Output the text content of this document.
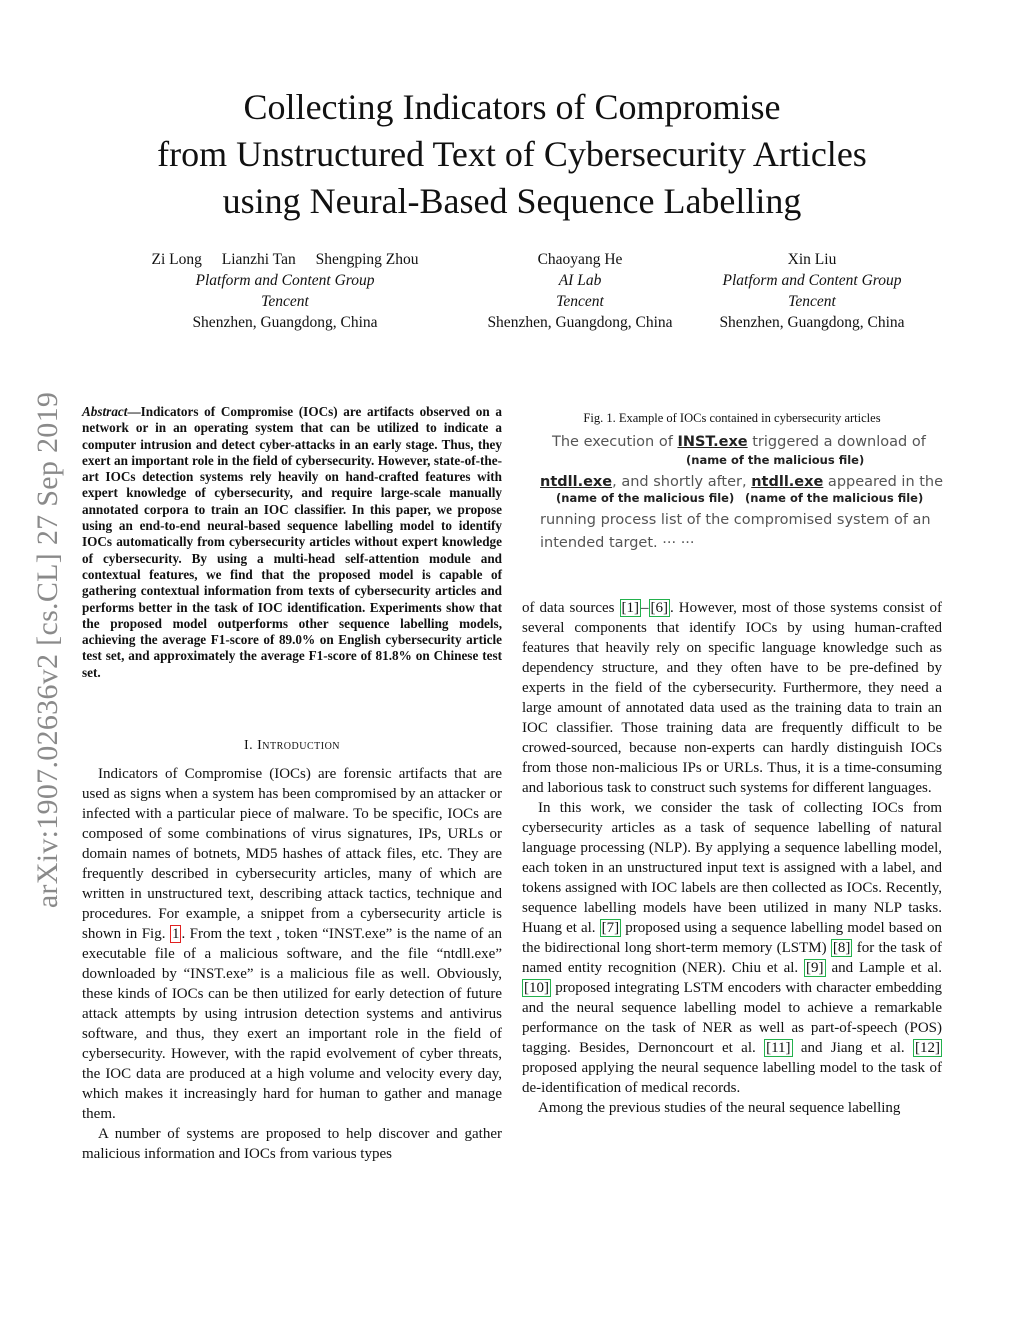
Collecting Indicators of Compromise
from Unstructured Text of Cybersecurity Articles
using Neural-Based Sequence Labelling
Zi Long Lianzhi Tan Shengping Zhou
Platform and Content Group
Tencent
Shenzhen, Guangdong, China
Chaoyang He
AI Lab
Tencent
Shenzhen, Guangdong, China
Xin Liu
Platform and Content Group
Tencent
Shenzhen, Guangdong, China
arXiv:1907.02636v2 [cs.CL] 27 Sep 2019 Abstract—Indicators of Compromise (IOCs) are artifacts observed on a network or in an operating system that can be utilized to indicate a computer intrusion and detect cyber-attacks in an early stage. Thus, they exert an important role in the field of cybersecurity. However, state-of-the-art IOCs detection systems rely heavily on hand-crafted features with expert knowledge of cybersecurity, and require large-scale manually annotated corpora to train an IOC classifier. In this paper, we propose using an end-to-end neural-based sequence labelling model to identify IOCs automatically from cybersecurity articles without expert knowledge of cybersecurity. By using a multi-head self-attention module and contextual features, we find that the proposed model is capable of gathering contextual information from texts of cybersecurity articles and performs better in the task of IOC identification. Experiments show that the proposed model outperforms other sequence labelling models, achieving the average F1-score of 89.0% on English cybersecurity article test set, and approximately the average F1-score of 81.8% on Chinese test set.
I. Introduction

Indicators of Compromise (IOCs) are forensic artifacts that are used as signs when a system has been compromised by an attacker or infected with a particular piece of malware. To be specific, IOCs are composed of some combinations of virus signatures, IPs, URLs or domain names of botnets, MD5 hashes of attack files, etc. They are frequently described in cybersecurity articles, many of which are written in unstructured text, describing attack tactics, technique and procedures. For example, a snippet from a cybersecurity article is shown in Fig. 1 . From the text , token “INST.exe” is the name of an executable file of a malicious software, and the file “ntdll.exe” downloaded by “INST.exe” is a malicious file as well. Obviously, these kinds of IOCs can be then utilized for early detection of future attack attempts by using intrusion detection systems and antivirus software, and thus, they exert an important role in the field of cybersecurity. However, with the rapid evolvement of cyber threats, the IOC data are produced at a high volume and velocity every day, which makes it increasingly hard for human to gather and manage them.

A number of systems are proposed to help discover and gather malicious information and IOCs from various types

Fig. 1. Example of IOCs contained in cybersecurity articles
The execution of INST.exe triggered a download of
(name of the malicious file)
ntdll.exe, and shortly after, ntdll.exe appeared in the
(name of the malicious file) (name of the malicious file)
running process list of the compromised system of an
intended target. ··· ···

of data sources [1] – [6] . However, most of those systems consist of several components that identify IOCs by using human-crafted features that heavily rely on specific language knowledge such as dependency structure, and they often have to be pre-defined by experts in the field of the cybersecurity. Furthermore, they need a large amount of annotated data used as the training data to train an IOC classifier. Those training data are frequently difficult to be crowed-sourced, because non-experts can hardly distinguish IOCs from those non-malicious IPs or URLs. Thus, it is a time-consuming and laborious task to construct such systems for different languages.

In this work, we consider the task of collecting IOCs from cybersecurity articles as a task of sequence labelling of natural language processing (NLP). By applying a sequence labelling model, each token in an unstructured input text is assigned with a label, and tokens assigned with IOC labels are then collected as IOCs. Recently, sequence labelling models have been utilized in many NLP tasks. Huang et al. [7] proposed using a sequence labelling model based on the bidirectional long short-term memory (LSTM) [8] for the task of named entity recognition (NER). Chiu et al. [9] and Lample et al. [10] proposed integrating LSTM encoders with character embedding and the neural sequence labelling model to achieve a remarkable performance on the task of NER as well as part-of-speech (POS) tagging. Besides, Dernoncourt et al. [11] and Jiang et al. [12] proposed applying the neural sequence labelling model to the task of de-identification of medical records.

Among the previous studies of the neural sequence labelling
